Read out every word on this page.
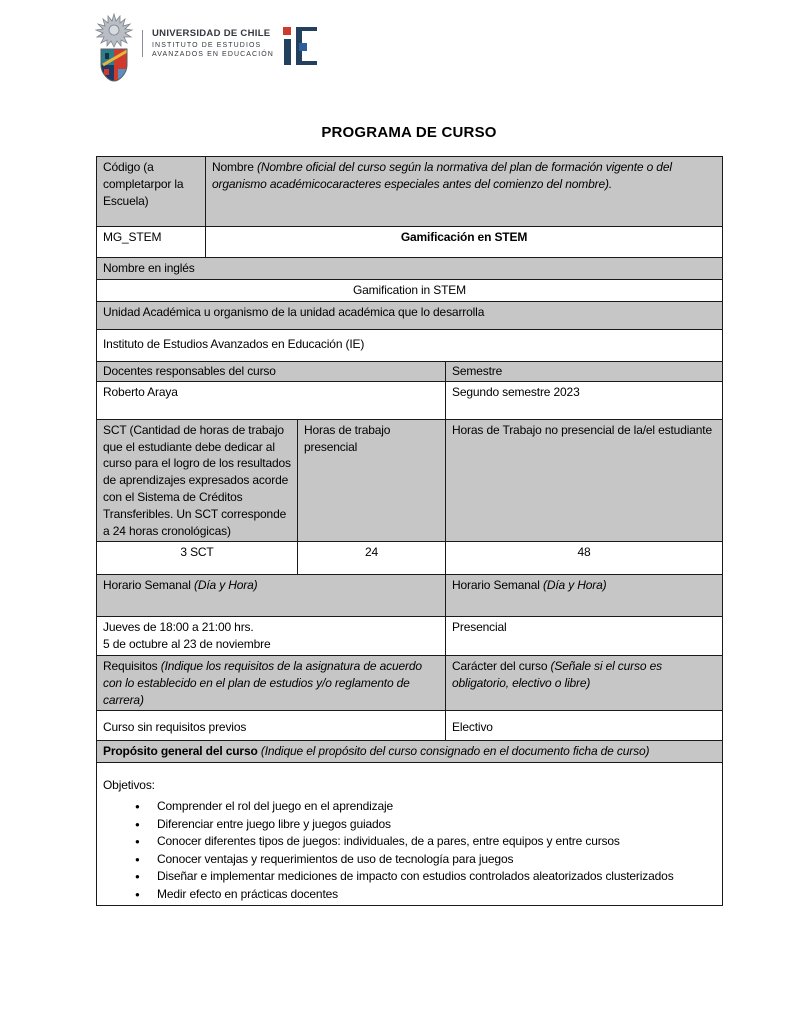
UNIVERSIDAD DE CHILE
INSTITUTO DE ESTUDIOS
AVANZADOS EN EDUCACIÓN
PROGRAMA DE CURSO
Código (a completarpor la Escuela)	Nombre (Nombre oficial del curso según la normativa del plan de formación vigente o del organismo académicocaracteres especiales antes del comienzo del nombre).		
MG_STEM	Gamificación en STEM		
Nombre en inglés			
Gamification in STEM			
Unidad Académica u organismo de la unidad académica que lo desarrolla			
Instituto de Estudios Avanzados en Educación (IE)			
Docentes responsables del curso			Semestre
Roberto Araya			Segundo semestre 2023
SCT (Cantidad de horas de trabajo que el estudiante debe dedicar al curso para el logro de los resultados de aprendizajes expresados acorde con el Sistema de Créditos Transferibles. Un SCT corresponde a 24 horas cronológicas)		Horas de trabajo presencial	Horas de Trabajo no presencial de la/el estudiante
3 SCT		24	48
Horario Semanal (Día y Hora)			Horario Semanal (Día y Hora)

Jueves de 18:00 a 21:00 hrs.
5 de octubre al 23 de noviembre			Presencial
Requisitos (Indique los requisitos de la asignatura de acuerdo con lo establecido en el plan de estudios y/o reglamento de carrera)			Carácter del curso (Señale si el curso es obligatorio, electivo o libre)
Curso sin requisitos previos			Electivo
Propósito general del curso (Indique el propósito del curso consignado en el documento ficha de curso)			

Objetivos:
●	Comprender el rol del juego en el aprendizaje
●	Diferenciar entre juego libre y juegos guiados
●	Conocer diferentes tipos de juegos: individuales, de a pares, entre equipos y entre cursos
●	Conocer ventajas y requerimientos de uso de tecnología para juegos
●	Diseñar e implementar mediciones de impacto con estudios controlados aleatorizados clusterizados
●	Medir efecto en prácticas docentes
